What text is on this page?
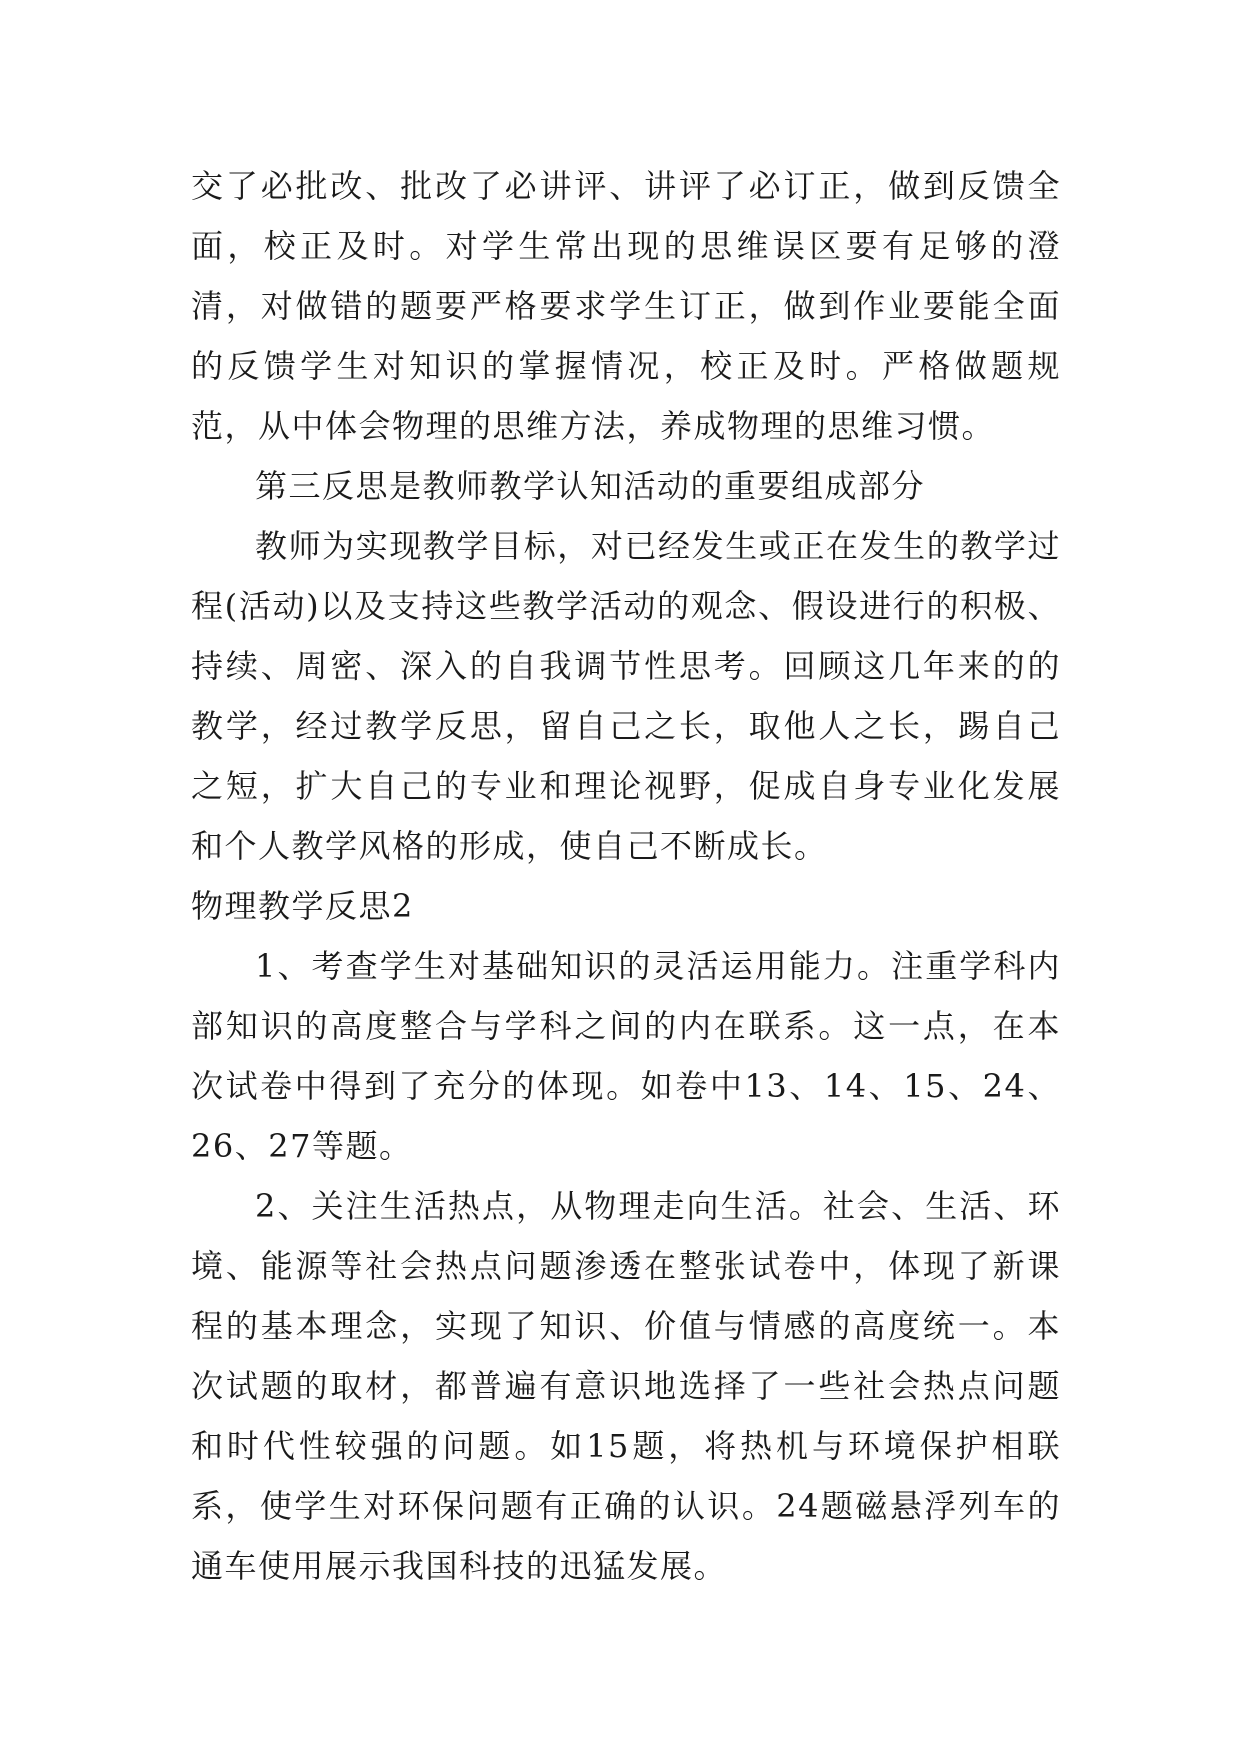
交了必批改、批改了必讲评、讲评了必订正，做到反馈全面，校正及时。对学生常出现的思维误区要有足够的澄清，对做错的题要严格要求学生订正，做到作业要能全面的反馈学生对知识的掌握情况，校正及时。严格做题规范，从中体会物理的思维方法，养成物理的思维习惯。

第三反思是教师教学认知活动的重要组成部分

教师为实现教学目标，对已经发生或正在发生的教学过程(活动)以及支持这些教学活动的观念、假设进行的积极、持续、周密、深入的自我调节性思考。回顾这几年来的的教学，经过教学反思，留自己之长，取他人之长，踢自己之短，扩大自己的专业和理论视野，促成自身专业化发展和个人教学风格的形成，使自己不断成长。

物理教学反思2

1、考查学生对基础知识的灵活运用能力。注重学科内部知识的高度整合与学科之间的内在联系。这一点，在本次试卷中得到了充分的体现。如卷中13、14、15、24、26、27等题。

2、关注生活热点，从物理走向生活。社会、生活、环境、能源等社会热点问题渗透在整张试卷中，体现了新课程的基本理念，实现了知识、价值与情感的高度统一。本次试题的取材，都普遍有意识地选择了一些社会热点问题和时代性较强的问题。如15题，将热机与环境保护相联系，使学生对环保问题有正确的认识。24题磁悬浮列车的通车使用展示我国科技的迅猛发展。
